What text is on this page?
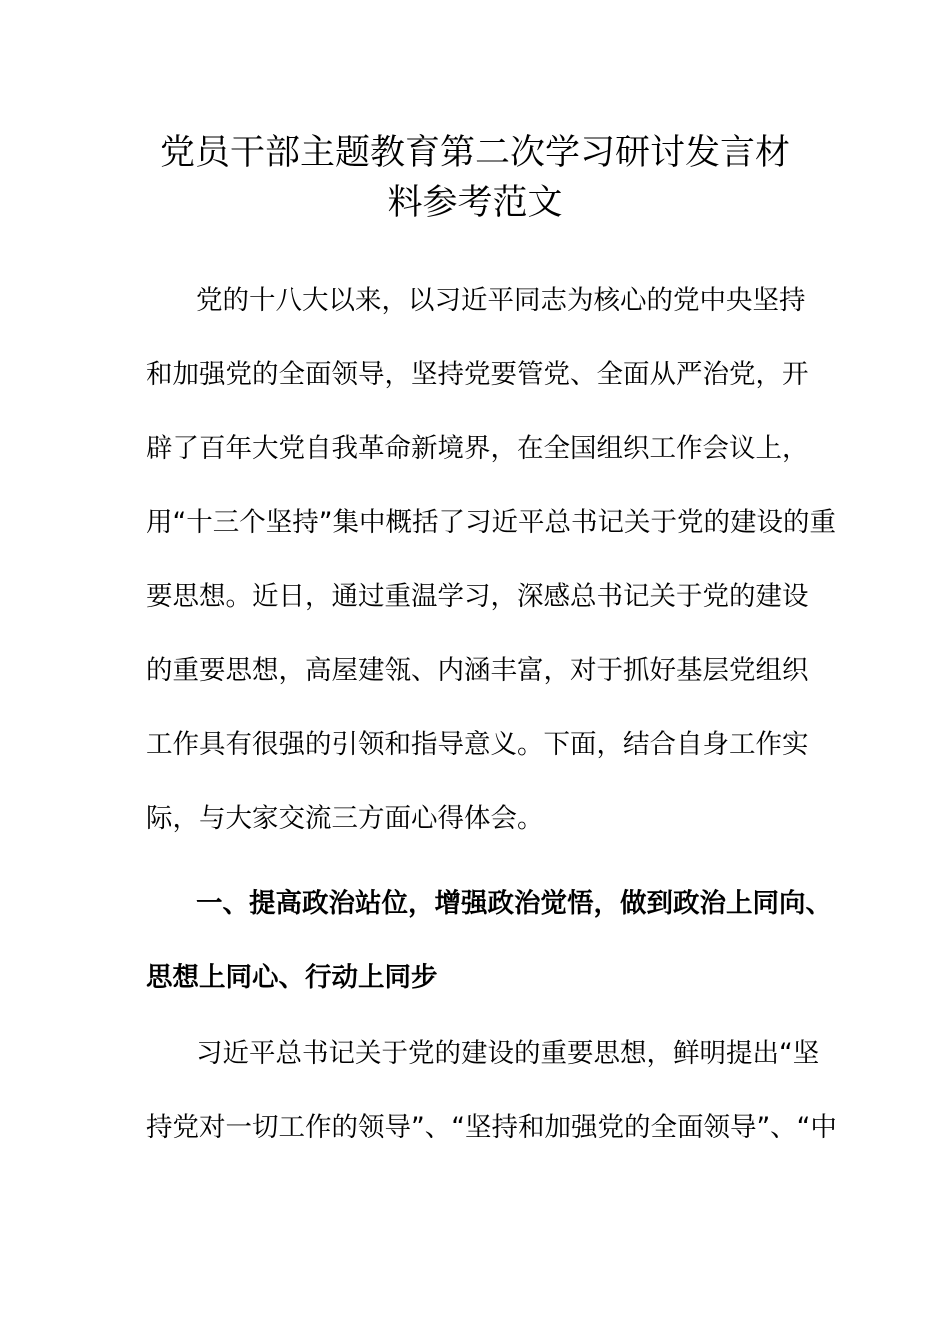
党员干部主题教育第二次学习研讨发言材
料参考范文

党的十八大以来，以习近平同志为核心的党中央坚持

和加强党的全面领导，坚持党要管党、全面从严治党，开

辟了百年大党自我革命新境界，在全国组织工作会议上，

用“十三个坚持”集中概括了习近平总书记关于党的建设的重

要思想。近日，通过重温学习，深感总书记关于党的建设

的重要思想，高屋建瓴、内涵丰富，对于抓好基层党组织

工作具有很强的引领和指导意义。下面，结合自身工作实

际，与大家交流三方面心得体会。

一、提高政治站位，增强政治觉悟，做到政治上同向、

思想上同心、行动上同步

习近平总书记关于党的建设的重要思想，鲜明提出“坚

持党对一切工作的领导”、“坚持和加强党的全面领导”、“中
